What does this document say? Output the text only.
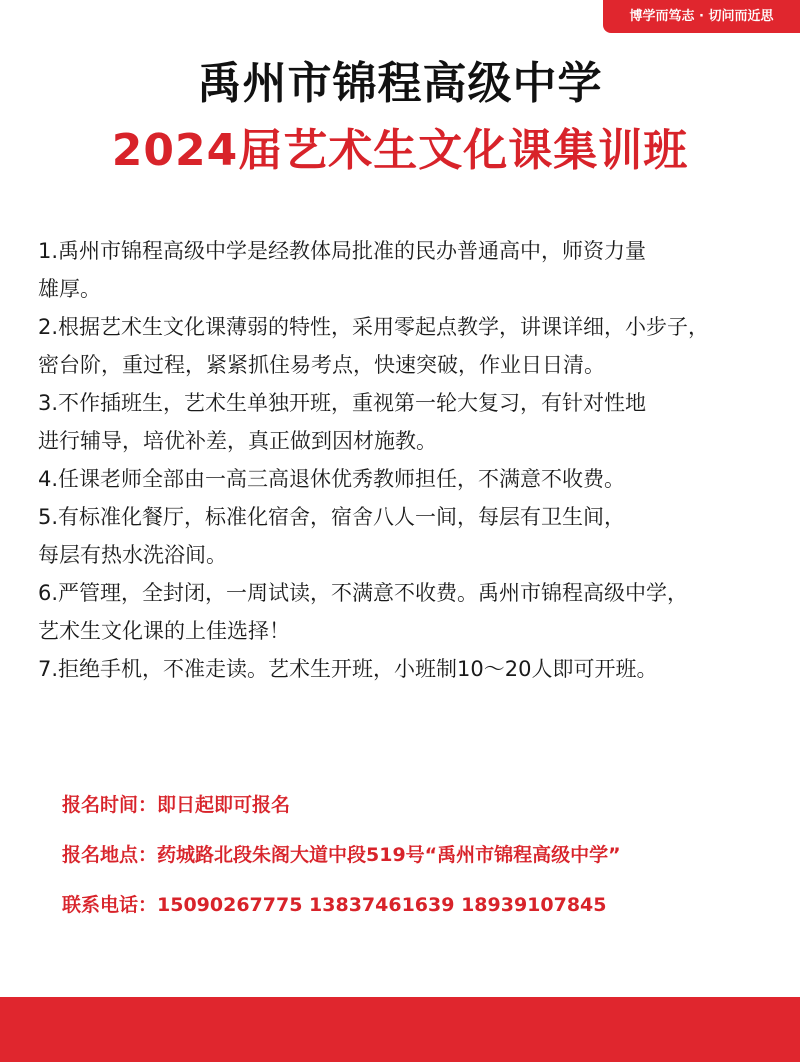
博学而笃志 · 切问而近思
禹州市锦程高级中学
2024届艺术生文化课集训班
1.禹州市锦程高级中学是经教体局批准的民办普通高中，师资力量
雄厚。
2.根据艺术生文化课薄弱的特性，采用零起点教学，讲课详细，小步子，
密台阶，重过程，紧紧抓住易考点，快速突破，作业日日清。
3.不作插班生，艺术生单独开班，重视第一轮大复习，有针对性地
进行辅导，培优补差，真正做到因材施教。
4.任课老师全部由一高三高退休优秀教师担任，不满意不收费。
5.有标准化餐厅，标准化宿舍，宿舍八人一间，每层有卫生间，
每层有热水洗浴间。
6.严管理，全封闭，一周试读，不满意不收费。禹州市锦程高级中学，
艺术生文化课的上佳选择！
7.拒绝手机，不准走读。艺术生开班，小班制10～20人即可开班。
报名时间：即日起即可报名
报名地点：药城路北段朱阁大道中段519号“禹州市锦程高级中学”
联系电话：15090267775 13837461639 18939107845
